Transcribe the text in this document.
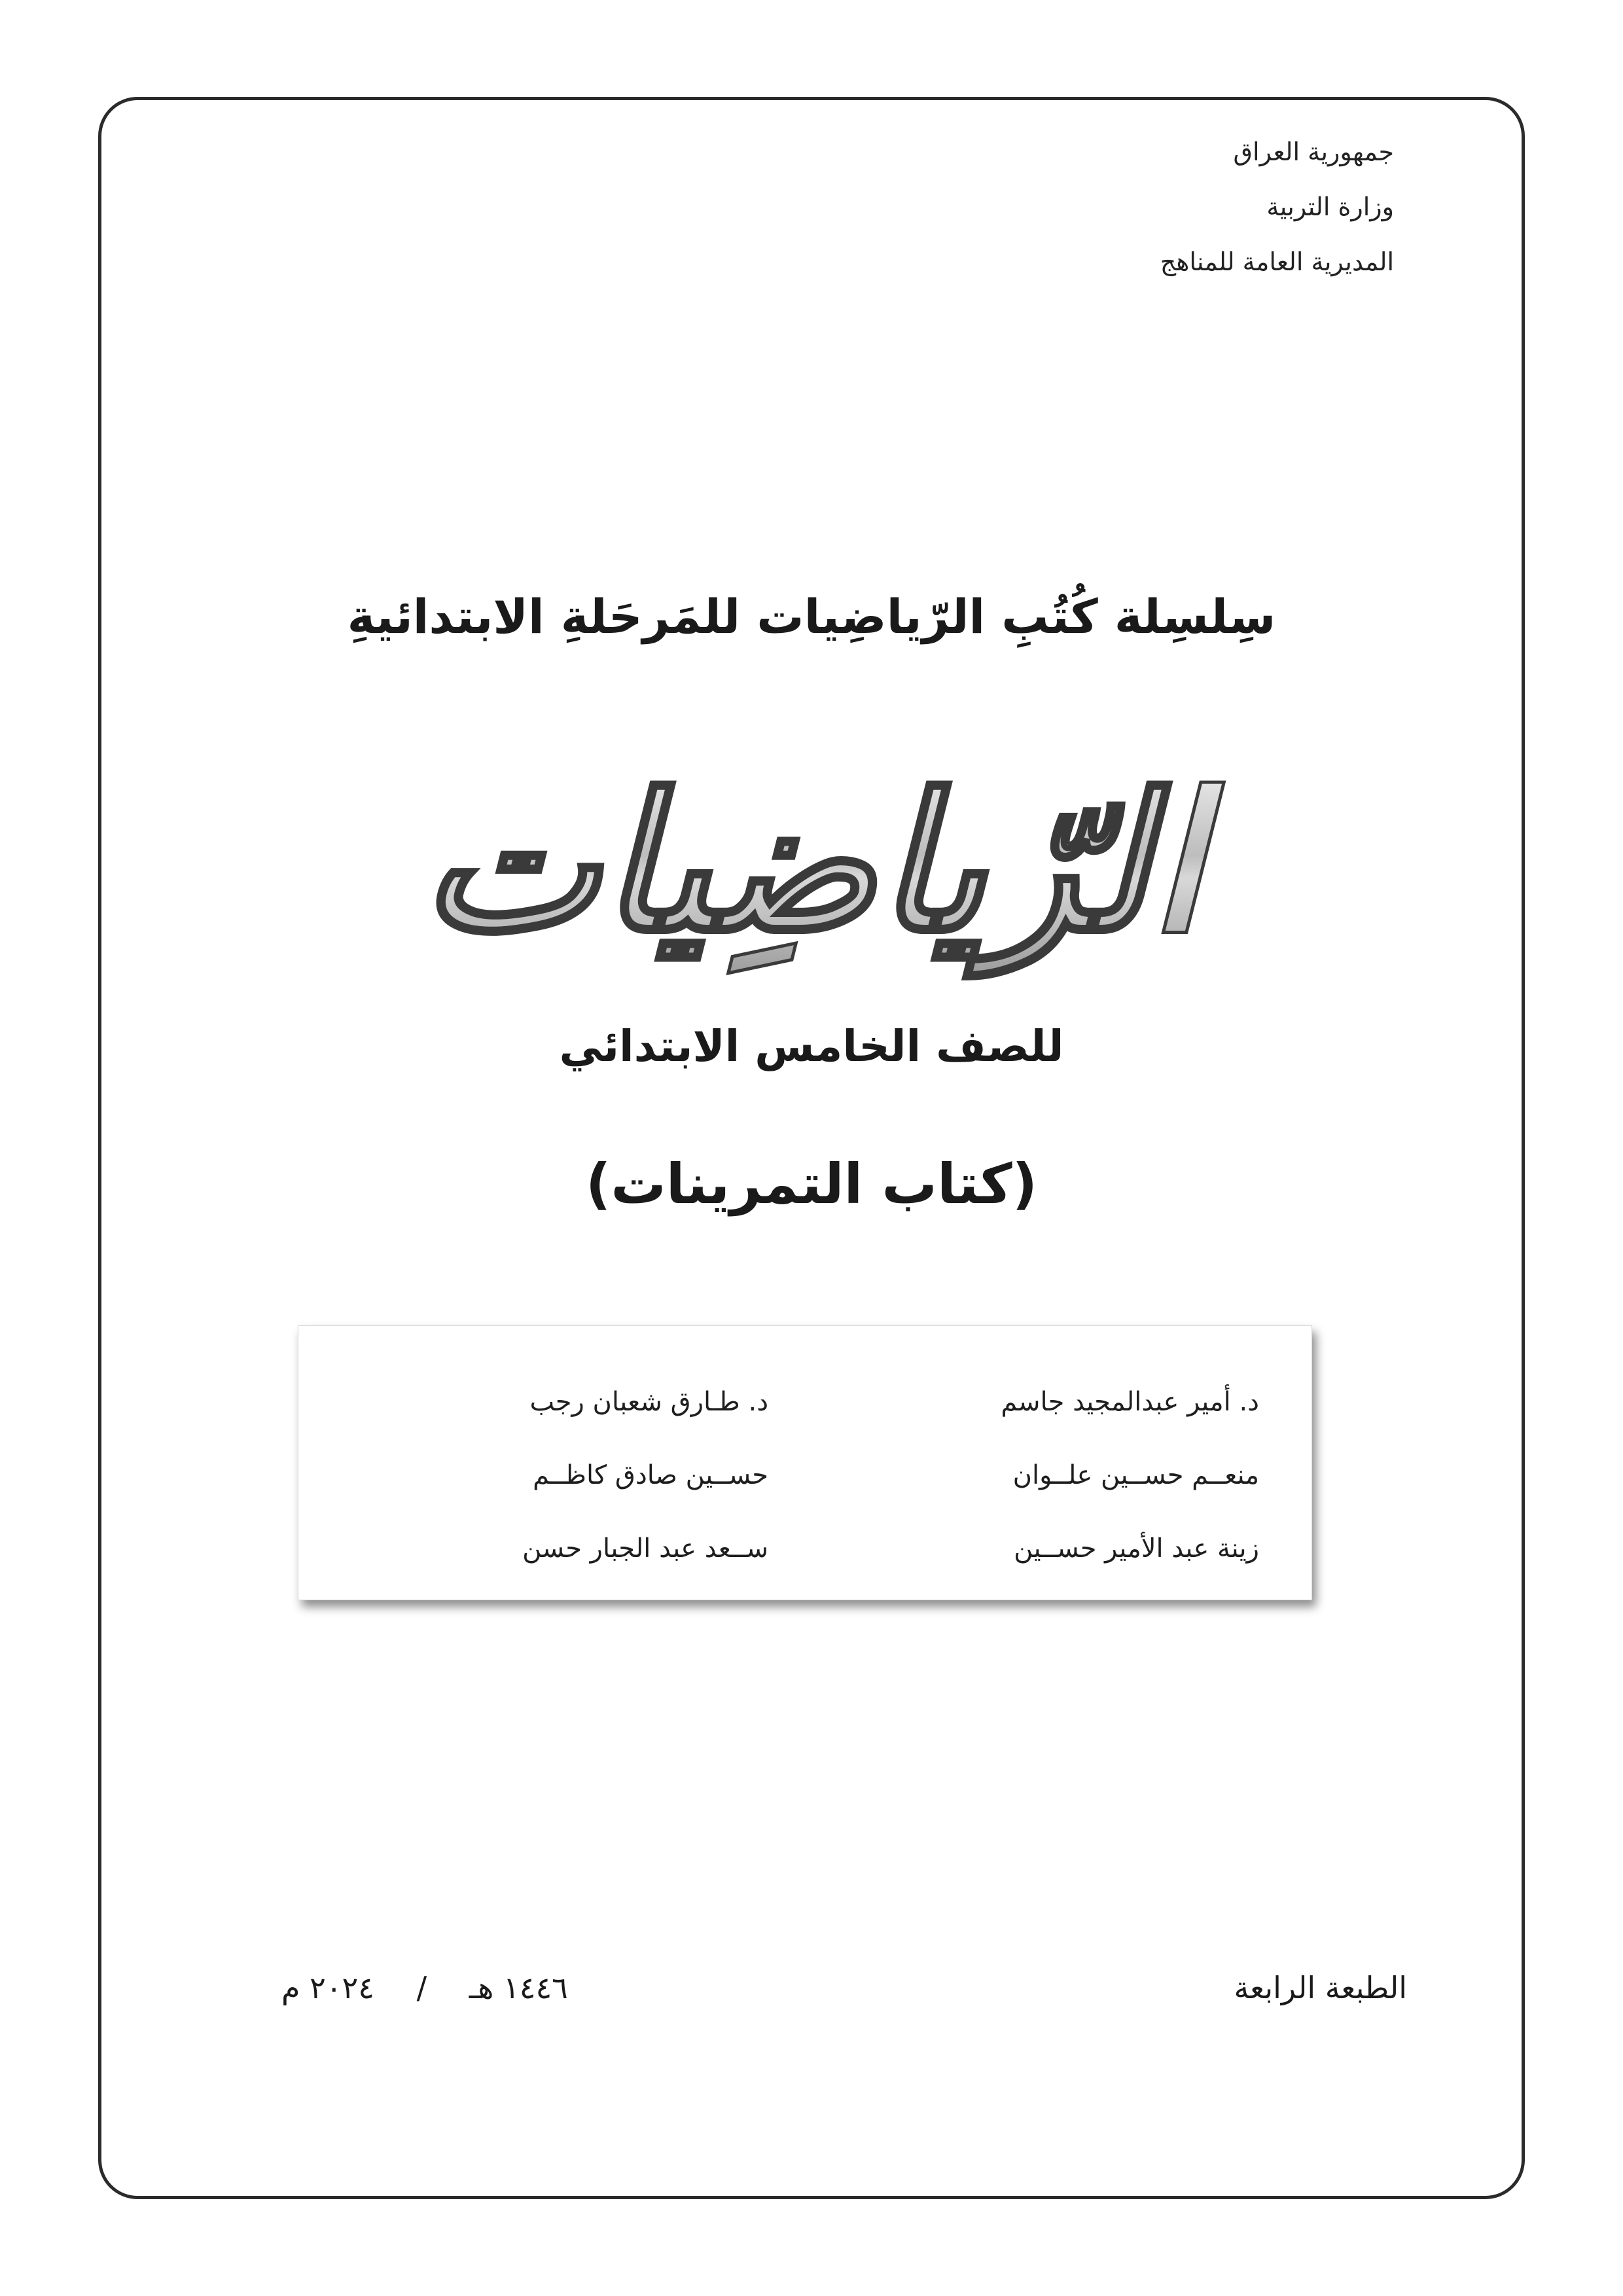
جمهورية العراق
وزارة التربية
المديرية العامة للمناهج
سِلسِلة كُتُبِ الرّياضِيات للمَرحَلةِ الابتدائيةِ
الرّياضِيات
للصف الخامس الابتدائي
(كتاب التمرينات)
د. أمير عبدالمجيد جاسم
منعــم حســين علــوان
زينة عبد الأمير حســين
د. طـارق شعبان رجب
حســين صادق كاظــم
ســعد عبد الجبار حسن
الطبعة الرابعة
١٤٤٦ هـ / ٢٠٢٤ م
